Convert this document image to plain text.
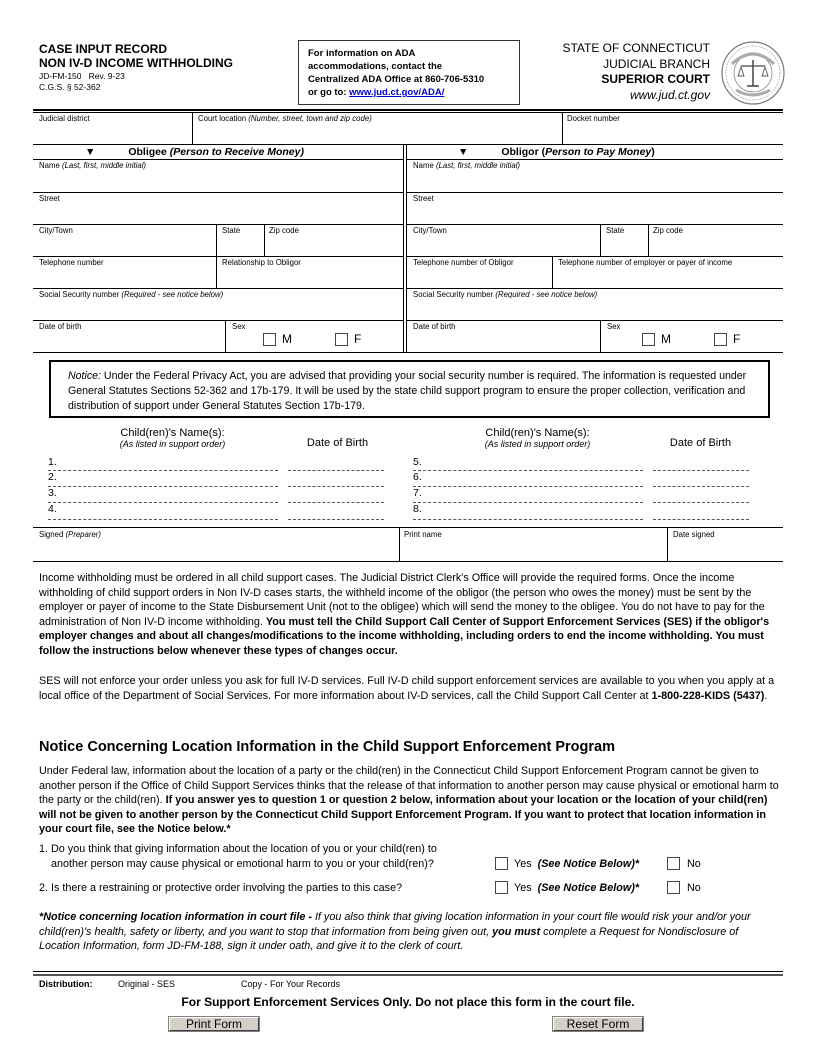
CASE INPUT RECORD
NON IV-D INCOME WITHHOLDING
JD-FM-150   Rev. 9-23
C.G.S. § 52-362
For information on ADA
accommodations, contact the
Centralized ADA Office at 860-706-5310
or go to: www.jud.ct.gov/ADA/
STATE OF CONNECTICUT
JUDICIAL BRANCH
SUPERIOR COURT
www.jud.ct.gov
Judicial district	Court location (Number, street, town and zip code)	Docket number
▼	Obligee (Person to Receive Money)	▼	Obligor (Person to Pay Money)
Name (Last, first, middle initial)
Street
City/Town	State	Zip code
Telephone number	Relationship to Obligor
Social Security number (Required - see notice below)
Date of birth	Sex
M	F
Name (Last, first, middle initial)
Street
City/Town	State	Zip code
Telephone number of Obligor	Telephone number of employer or payer of income
Social Security number (Required - see notice below)
Date of birth	Sex
M	F
Notice: Under the Federal Privacy Act, you are advised that providing your social security number is required. The information is requested under General Statutes Sections 52-362 and 17b-179. It will be used by the state child support program to ensure the proper collection, verification and distribution of support under General Statutes Section 17b-179.
Child(ren)'s Name(s):
(As listed in support order)	Date of Birth
Child(ren)'s Name(s):
(As listed in support order)	Date of Birth
1.
2.
3.
4.
5.
6.
7.
8.
Signed (Preparer)	Print name	Date signed
Income withholding must be ordered in all child support cases. The Judicial District Clerk's Office will provide the required forms. Once the income withholding of child support orders in Non IV-D cases starts, the withheld income of the obligor (the person who owes the money) must be sent by the employer or payer of income to the State Disbursement Unit (not to the obligee) which will send the money to the obligee. You do not have to pay for the administration of Non IV-D income withholding. You must tell the Child Support Call Center of Support Enforcement Services (SES) if the obligor's employer changes and about all changes/modifications to the income withholding, including orders to end the income withholding. You must follow the instructions below whenever these types of changes occur.
SES will not enforce your order unless you ask for full IV-D services. Full IV-D child support enforcement services are available to you when you apply at a local office of the Department of Social Services. For more information about IV-D services, call the Child Support Call Center at 1-800-228-KIDS (5437).
Notice Concerning Location Information in the Child Support Enforcement Program
Under Federal law, information about the location of a party or the child(ren) in the Connecticut Child Support Enforcement Program cannot be given to another person if the Office of Child Support Services thinks that the release of that information to another person may cause physical or emotional harm to the party or the child(ren). If you answer yes to question 1 or question 2 below, information about your location or the location of your child(ren) will not be given to another person by the Connecticut Child Support Enforcement Program. If you want to protect that location information in your court file, see the Notice below.*
1. Do you think that giving information about the location of you or your child(ren) to
another person may cause physical or emotional harm to you or your child(ren)?	Yes (See Notice Below)*	No
2. Is there a restraining or protective order involving the parties to this case?	Yes (See Notice Below)*	No
*Notice concerning location information in court file - If you also think that giving location information in your court file would risk your and/or your child(ren)'s health, safety or liberty, and you want to stop that information from being given out, you must complete a Request for Nondisclosure of Location Information, form JD-FM-188, sign it under oath, and give it to the clerk of court.
Distribution:	Original - SES	Copy - For Your Records
For Support Enforcement Services Only. Do not place this form in the court file.
Print Form	Reset Form
